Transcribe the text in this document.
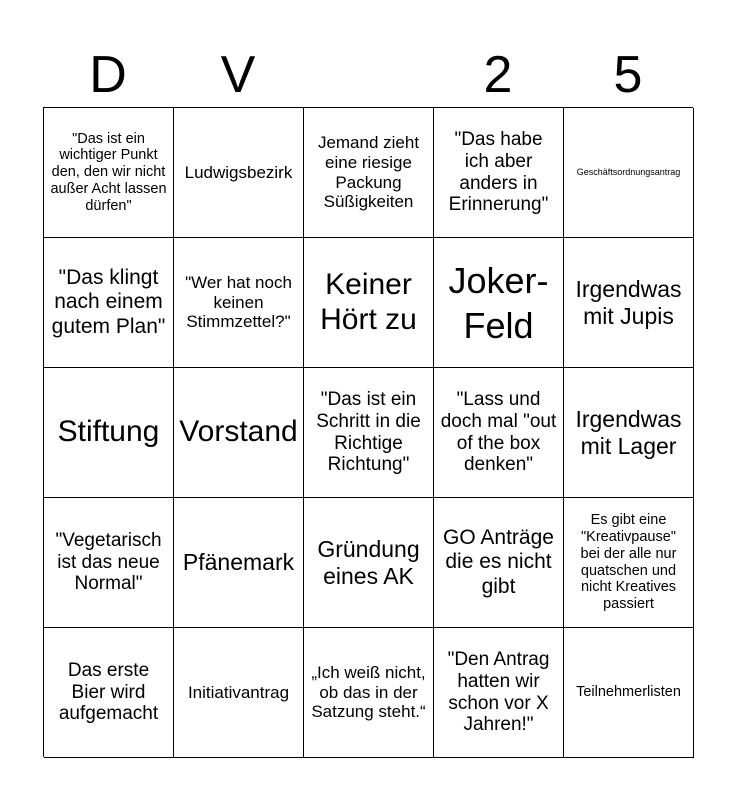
D	V	2	5
"Das ist ein wichtiger Punkt den, den wir nicht außer Acht lassen dürfen"
Ludwigsbezirk
Jemand zieht eine riesige Packung Süßigkeiten
"Das habe ich aber anders in Erinnerung"
Geschäftsordnungsantrag
"Das klingt nach einem gutem Plan"
"Wer hat noch keinen Stimmzettel?"
Keiner Hört zu
Joker-Feld
Irgendwas mit Jupis
Stiftung Vorstand
"Das ist ein Schritt in die Richtige Richtung"
"Lass und doch mal "out of the box denken"
Irgendwas mit Lager
"Vegetarisch ist das neue Normal"
Pfänemark
Gründung eines AK
GO Anträge die es nicht gibt
Es gibt eine "Kreativpause" bei der alle nur quatschen und nicht Kreatives passiert
Das erste Bier wird aufgemacht
Initiativantrag
„Ich weiß nicht, ob das in der Satzung steht.“
"Den Antrag hatten wir schon vor X Jahren!"
Teilnehmerlisten
